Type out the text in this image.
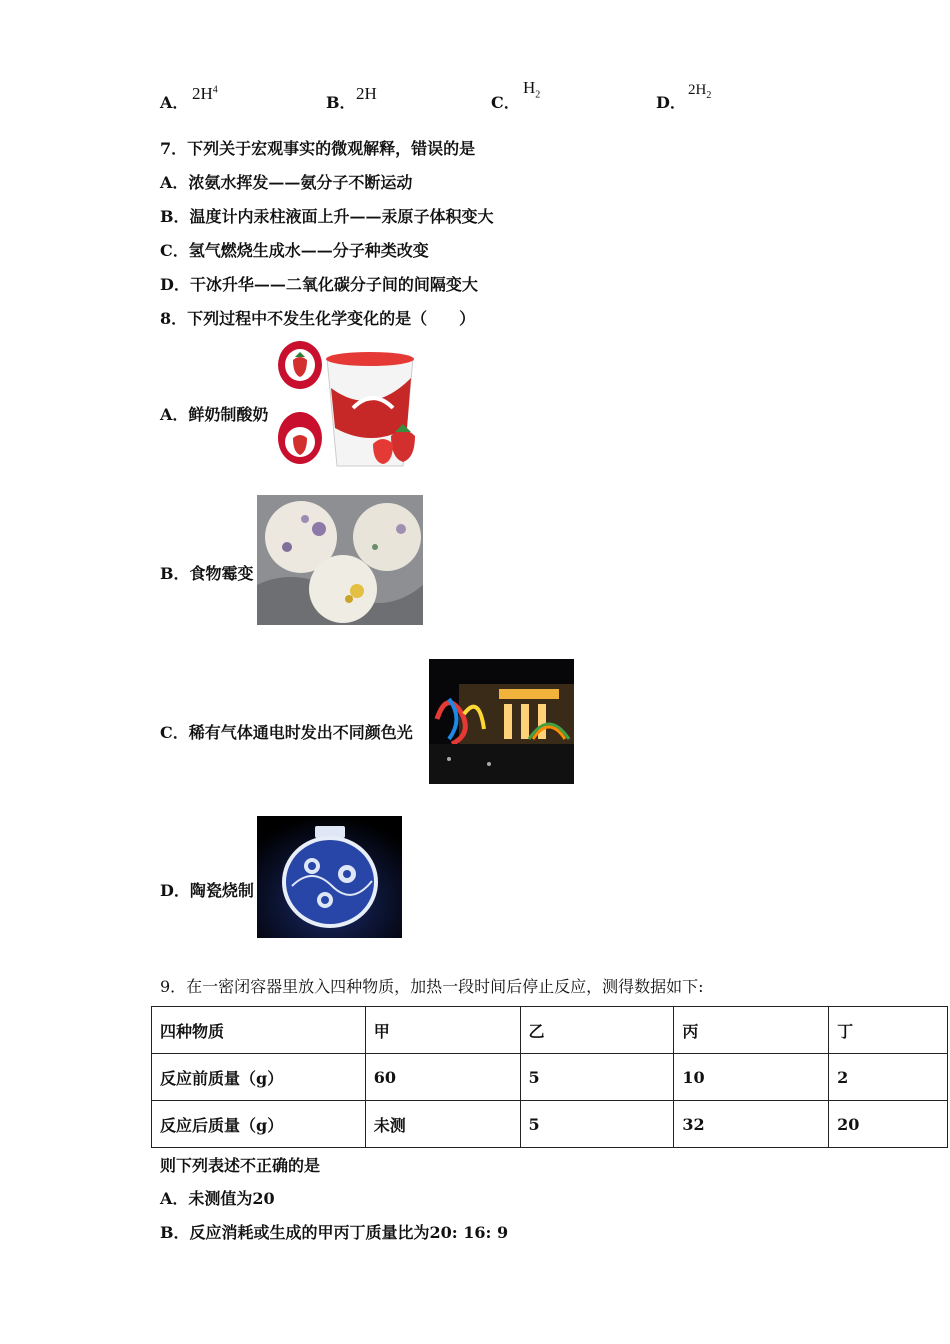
A． $2H^4$
B． 2H	C．
$H_2$	D．
$2H_2$
7．下列关于宏观事实的微观解释，错误的是
A．浓氨水挥发——氨分子不断运动
B．温度计内汞柱液面上升——汞原子体积变大
C．氢气燃烧生成水——分子种类改变
D．干冰升华——二氧化碳分子间的间隔变大
8．下列过程中不发生化学变化的是（　　）
A．鲜奶制酸奶
B．食物霉变
C．稀有气体通电时发出不同颜色光
D．陶瓷烧制
9．在一密闭容器里放入四种物质，加热一段时间后停止反应，测得数据如下:
四种物质	甲	乙	丙	丁
反应前质量（g）	60	5	10	2
反应后质量（g）	未测	5	32	20
则下列表述不正确的是
A．未测值为20
B．反应消耗或生成的甲丙丁质量比为20: 16: 9
